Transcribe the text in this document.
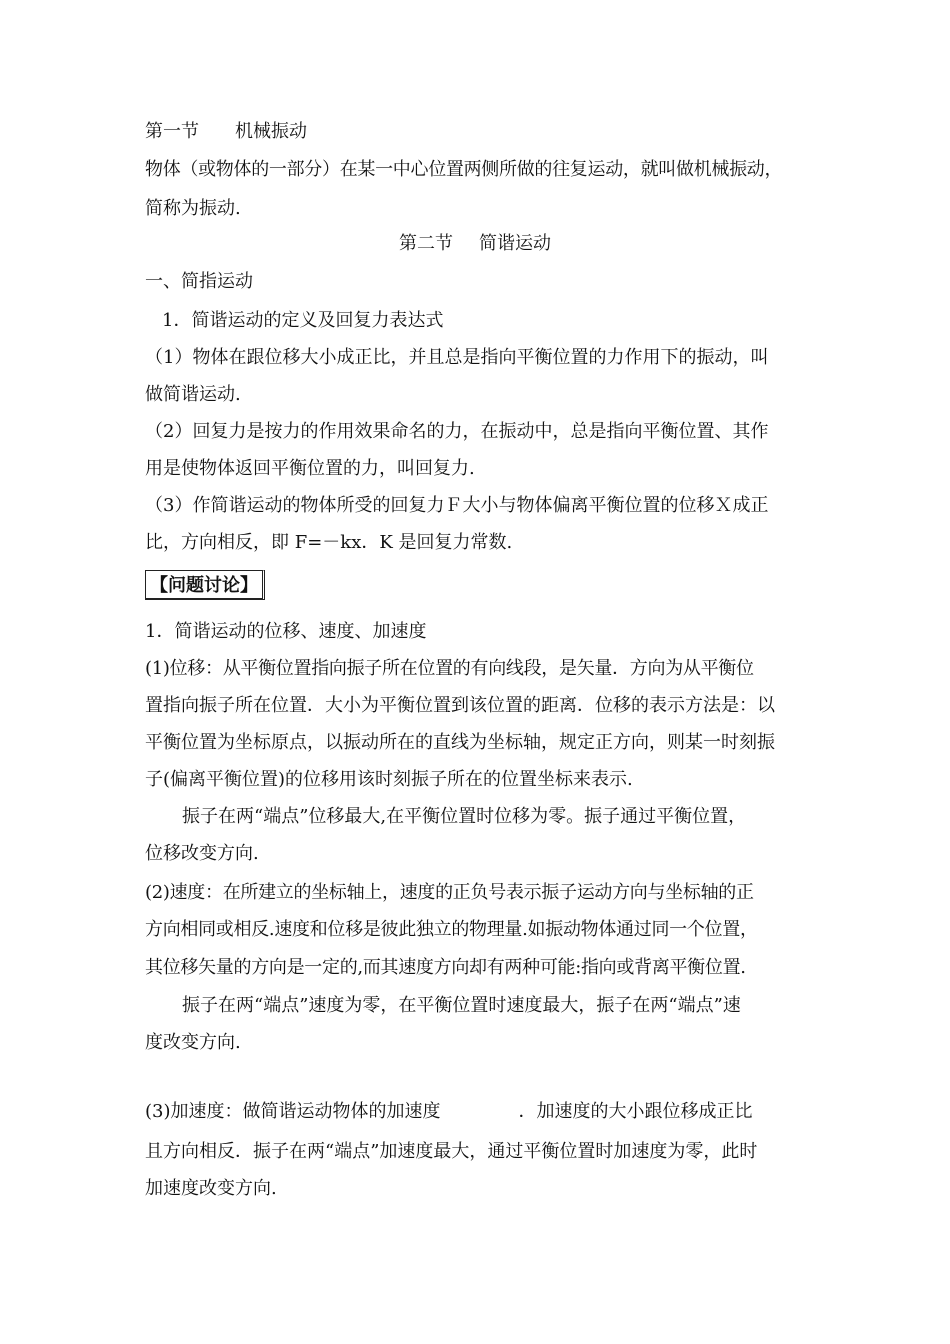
第一节 机械振动
物体（或物体的一部分）在某一中心位置两侧所做的往复运动，就叫做机械振动，
简称为振动.
第二节 简谐运动
一、简指运动
1．简谐运动的定义及回复力表达式
（1）物体在跟位移大小成正比，并且总是指向平衡位置的力作用下的振动，叫
做简谐运动.
（2）回复力是按力的作用效果命名的力，在振动中，总是指向平衡位置、其作
用是使物体返回平衡位置的力，叫回复力.
（3）作简谐运动的物体所受的回复力Ｆ大小与物体偏离平衡位置的位移Ｘ成正
比，方向相反，即 F=－kx．K 是回复力常数.
【问题讨论】
1．简谐运动的位移、速度、加速度
(1)位移：从平衡位置指向振子所在位置的有向线段，是矢量．方向为从平衡位
置指向振子所在位置．大小为平衡位置到该位置的距离．位移的表示方法是：以
平衡位置为坐标原点，以振动所在的直线为坐标轴，规定正方向，则某一时刻振
子(偏离平衡位置)的位移用该时刻振子所在的位置坐标来表示.
振子在两“端点”位移最大,在平衡位置时位移为零。振子通过平衡位置，
位移改变方向.
(2)速度：在所建立的坐标轴上，速度的正负号表示振子运动方向与坐标轴的正
方向相同或相反.速度和位移是彼此独立的物理量.如振动物体通过同一个位置，
其位移矢量的方向是一定的,而其速度方向却有两种可能:指向或背离平衡位置.
振子在两“端点”速度为零，在平衡位置时速度最大，振子在两“端点”速
度改变方向.
(3)加速度：做简谐运动物体的加速度	．加速度的大小跟位移成正比
且方向相反．振子在两“端点”加速度最大，通过平衡位置时加速度为零，此时
加速度改变方向.
